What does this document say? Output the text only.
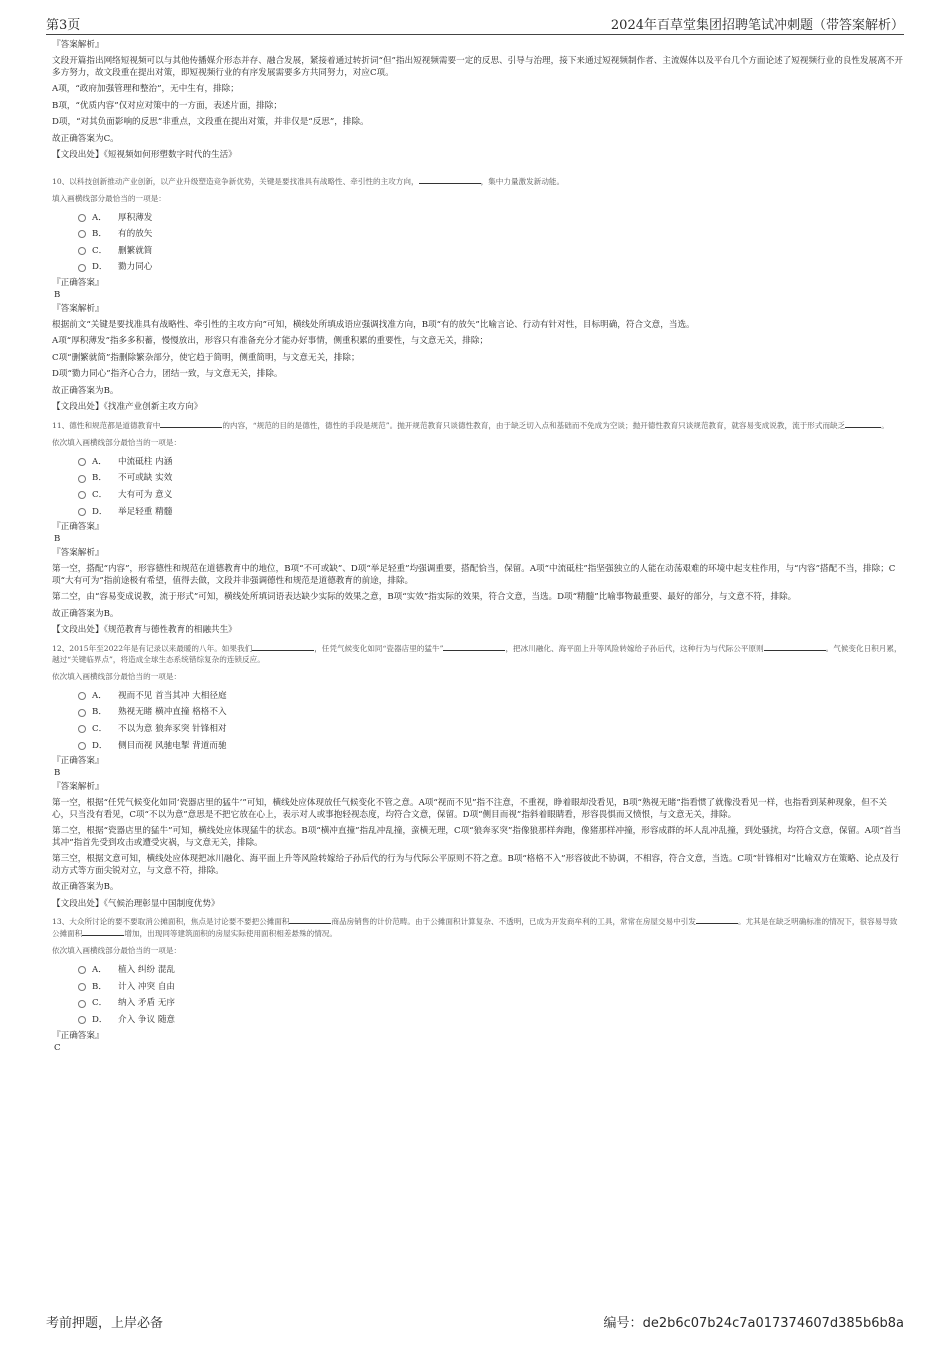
第3页	2024年百草堂集团招聘笔试冲刺题（带答案解析）
『答案解析』
文段开篇指出网络短视频可以与其他传播媒介形态并存、融合发展，紧接着通过转折词“但”指出短视频需要一定的反思、引导与治理，接下来通过短视频制作者、主流媒体以及平台几个方面论述了短视频行业的良性发展离不开多方努力，故文段重在提出对策，即短视频行业的有序发展需要多方共同努力，对应C项。
A项，“政府加强管理和整治”，无中生有，排除；
B项，“优质内容”仅对应对策中的一方面，表述片面，排除；
D项，“对其负面影响的反思”非重点，文段重在提出对策，并非仅是“反思”，排除。
故正确答案为C。
【文段出处】《短视频如何形塑数字时代的生活》
10、以科技创新推动产业创新，以产业升级塑造竞争新优势，关键是要找准具有战略性、牵引性的主攻方向，	，集中力量激发新动能。
填入画横线部分最恰当的一项是：
A．	厚积薄发
B．	有的放矢
C．	删繁就简
D．	勠力同心
『正确答案』
B
『答案解析』
根据前文“关键是要找准具有战略性、牵引性的主攻方向”可知，横线处所填成语应强调找准方向，B项“有的放矢”比喻言论、行动有针对性，目标明确，符合文意，当选。
A项“厚积薄发”指多多积蓄，慢慢放出，形容只有准备充分才能办好事情，侧重积累的重要性，与文意无关，排除；
C项“删繁就简”指删除繁杂部分，使它趋于简明，侧重简明，与文意无关，排除；
D项“勠力同心”指齐心合力，团结一致，与文意无关，排除。
故正确答案为B。
【文段出处】《找准产业创新主攻方向》
11、德性和规范都是道德教育中	的内容，“规范的目的是德性，德性的手段是规范”。抛开规范教育只谈德性教育，由于缺乏切入点和基础而不免成为空谈；抛开德性教育只谈规范教育，就容易变成说教，流于形式而缺乏	。
依次填入画横线部分最恰当的一项是：
A．	中流砥柱 内涵
B．	不可或缺 实效
C．	大有可为 意义
D．	举足轻重 精髓
『正确答案』
B
『答案解析』
第一空，搭配“内容”，形容德性和规范在道德教育中的地位，B项“不可或缺”、D项“举足轻重”均强调重要，搭配恰当，保留。A项“中流砥柱”指坚强独立的人能在动荡艰难的环境中起支柱作用，与“内容”搭配不当，排除；C项“大有可为”指前途极有希望，值得去做，文段并非强调德性和规范是道德教育的前途，排除。
第二空，由“容易变成说教，流于形式”可知，横线处所填词语表达缺少实际的效果之意，B项“实效”指实际的效果，符合文意，当选。D项“精髓”比喻事物最重要、最好的部分，与文意不符，排除。
故正确答案为B。
【文段出处】《规范教育与德性教育的相融共生》
12、2015年至2022年是有记录以来最暖的八年。如果我们	，任凭气候变化如同“瓷器店里的猛牛”	，把冰川融化、海平面上升等风险转嫁给子孙后代，这种行为与代际公平原则	。气候变化日积月累，越过“关键临界点”，将造成全球生态系统错综复杂的连锁反应。
依次填入画横线部分最恰当的一项是：
A．	视而不见 首当其冲 大相径庭
B．	熟视无睹 横冲直撞 格格不入
C．	不以为意 狼奔豕突 针锋相对
D．	侧目而视 风驰电掣 背道而驰
『正确答案』
B
『答案解析』
第一空，根据“任凭气候变化如同‘瓷器店里的猛牛’”可知，横线处应体现放任气候变化不管之意。A项“视而不见”指不注意，不重视，睁着眼却没看见，B项“熟视无睹”指看惯了就像没看见一样，也指看到某种现象，但不关心，只当没有看见，C项“不以为意”意思是不把它放在心上，表示对人或事抱轻视态度，均符合文意，保留。D项“侧目而视”指斜着眼睛看，形容畏惧而又愤恨，与文意无关，排除。
第二空，根据“瓷器店里的猛牛”可知，横线处应体现猛牛的状态。B项“横冲直撞”指乱冲乱撞，蛮横无理，C项“狼奔豕突”指像狼那样奔跑，像猪那样冲撞，形容成群的坏人乱冲乱撞，到处骚扰，均符合文意，保留。A项“首当其冲”指首先受到攻击或遭受灾祸，与文意无关，排除。
第三空，根据文意可知，横线处应体现把冰川融化、海平面上升等风险转嫁给子孙后代的行为与代际公平原则不符之意。B项“格格不入”形容彼此不协调，不相容，符合文意，当选。C项“针锋相对”比喻双方在策略、论点及行动方式等方面尖锐对立，与文意不符，排除。
故正确答案为B。
【文段出处】《气候治理彰显中国制度优势》
13、大众所讨论的要不要取消公摊面积，焦点是讨论要不要把公摊面积	商品房销售的计价范畴。由于公摊面积计算复杂、不透明，已成为开发商牟利的工具，常常在房屋交易中引发	。尤其是在缺乏明确标准的情况下，很容易导致公摊面积	增加，出现同等建筑面积的房屋实际使用面积相差悬殊的情况。
依次填入画横线部分最恰当的一项是：
A．	植入 纠纷 混乱
B．	计入 冲突 自由
C．	纳入 矛盾 无序
D．	介入 争议 随意
『正确答案』
C
考前押题，上岸必备	编号：de2b6c07b24c7a017374607d385b6b8a
